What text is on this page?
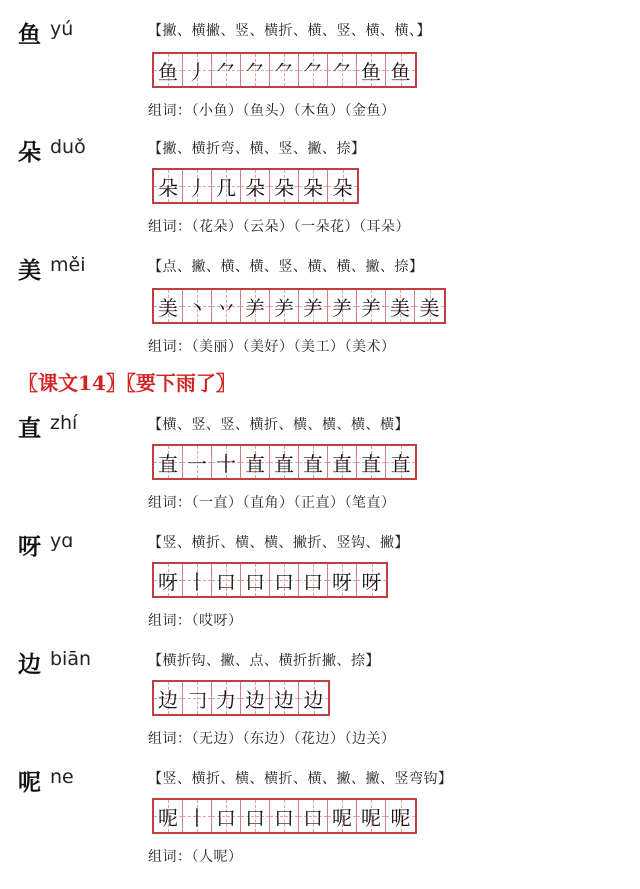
鱼 yú	【撇、横撇、竖、横折、横、竖、横、横、】
鱼 丿 ⺈ ⺈ ⺈ ⺈ ⺈ 鱼 鱼
组词：（小鱼）（鱼头）（木鱼）（金鱼）
朵 duǒ	【撇、横折弯、横、竖、撇、捺】
朵 丿 几 朵 朵 朵 朵
组词：（花朵）（云朵）（一朵花）（耳朵）
美 měi	【点、撇、横、横、竖、横、横、撇、捺】
美 丶 丷 ⺶ ⺶ ⺶ ⺶ ⺶ 美 美
组词：（美丽）（美好）（美工）（美术）
〖课文14〗〖要下雨了〗
直 zhí	【横、竖、竖、横折、横、横、横、横】
直 一 十 直 直 直 直 直 直
组词：（一直）（直角）（正直）（笔直）
呀 yɑ	【竖、横折、横、横、撇折、竖钩、撇】
呀 丨 口 口 口 口 呀 呀
组词：（哎呀）
边 biān	【横折钩、撇、点、横折折撇、捺】
边 𠃌 力 边 边 边
组词：（无边）（东边）（花边）（边关）
呢 ne	【竖、横折、横、横折、横、撇、撇、竖弯钩】
呢 丨 口 口 口 口 呢 呢 呢
组词：（人呢）
